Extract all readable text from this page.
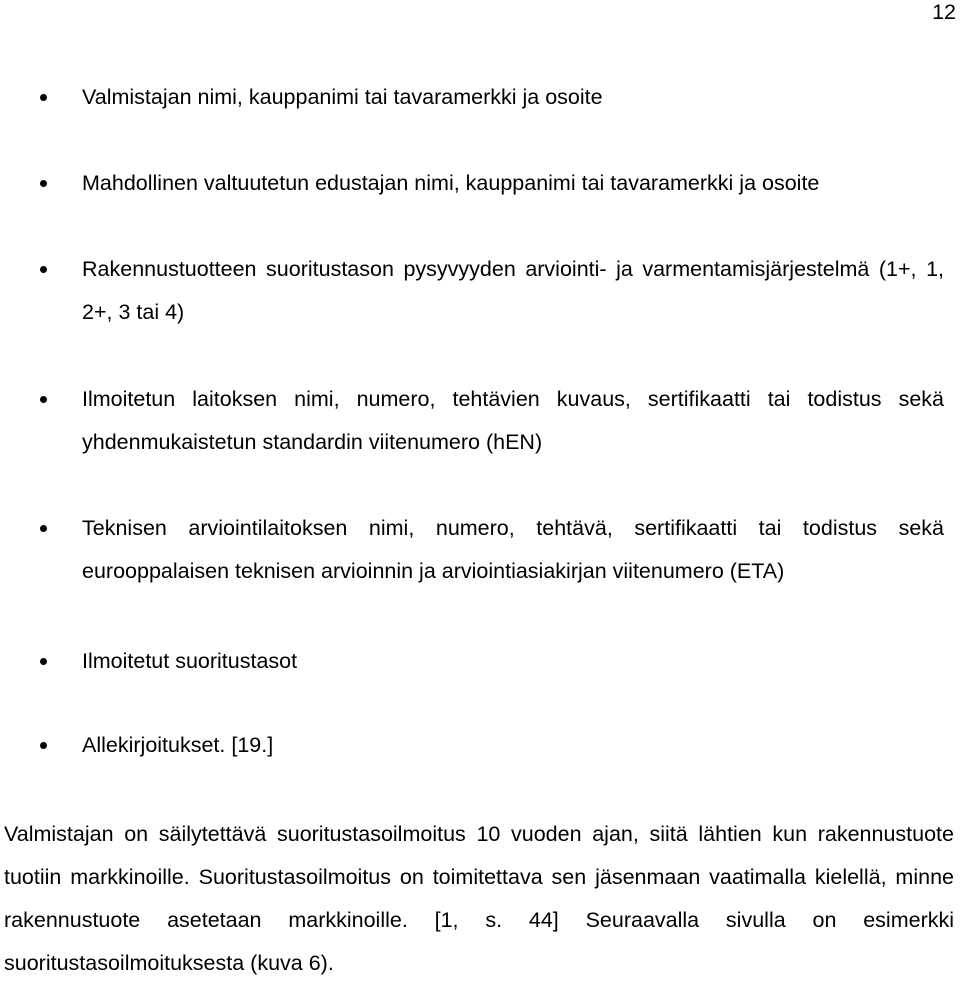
12

Valmistajan nimi, kauppanimi tai tavaramerkki ja osoite

Mahdollinen valtuutetun edustajan nimi, kauppanimi tai tavaramerkki ja osoite

Rakennustuotteen suoritustason pysyvyyden arviointi- ja varmentamisjärjestelmä (1+, 1, 2+, 3 tai 4)

Ilmoitetun laitoksen nimi, numero, tehtävien kuvaus, sertifikaatti tai todistus sekä yhdenmukaistetun standardin viitenumero (hEN)

Teknisen arviointilaitoksen nimi, numero, tehtävä, sertifikaatti tai todistus sekä eurooppalaisen teknisen arvioinnin ja arviointiasiakirjan viitenumero (ETA)

Ilmoitetut suoritustasot

Allekirjoitukset. [19.]

Valmistajan on säilytettävä suoritustasoilmoitus 10 vuoden ajan, siitä lähtien kun rakennustuote tuotiin markkinoille. Suoritustasoilmoitus on toimitettava sen jäsenmaan vaatimalla kielellä, minne rakennustuote asetetaan markkinoille. [1, s. 44] Seuraavalla sivulla on esimerkki suoritustasoilmoituksesta (kuva 6).
